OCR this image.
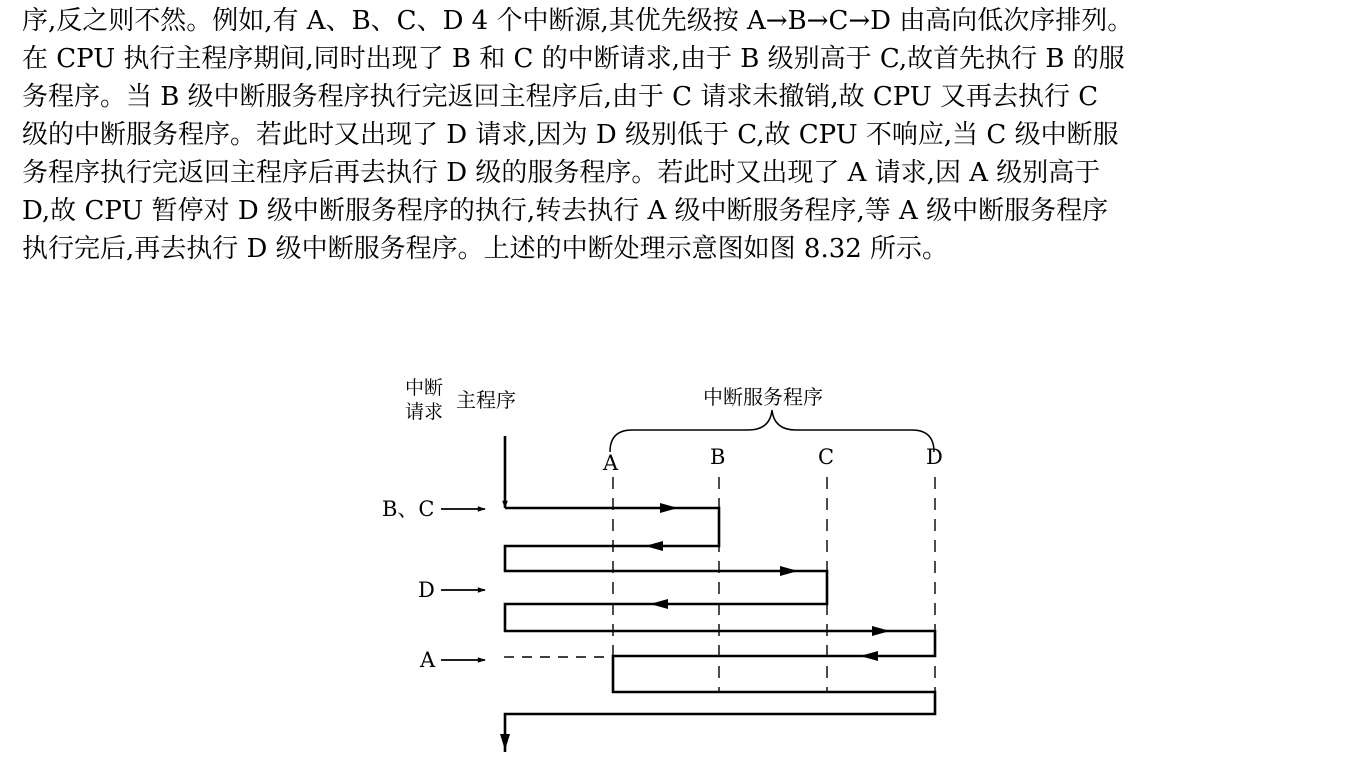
序,反之则不然。例如,有 A、B、C、D 4 个中断源,其优先级按 A→B→C→D 由高向低次序排列。
在 CPU 执行主程序期间,同时出现了 B 和 C 的中断请求,由于 B 级别高于 C,故首先执行 B 的服
务程序。当 B 级中断服务程序执行完返回主程序后,由于 C 请求未撤销,故 CPU 又再去执行 C
级的中断服务程序。若此时又出现了 D 请求,因为 D 级别低于 C,故 CPU 不响应,当 C 级中断服
务程序执行完返回主程序后再去执行 D 级的服务程序。若此时又出现了 A 请求,因 A 级别高于
D,故 CPU 暂停对 D 级中断服务程序的执行,转去执行 A 级中断服务程序,等 A 级中断服务程序
执行完后,再去执行 D 级中断服务程序。上述的中断处理示意图如图 8.32 所示。
中断
请求 主程序	中断服务程序
A	B	C	D
B、C
D
A
